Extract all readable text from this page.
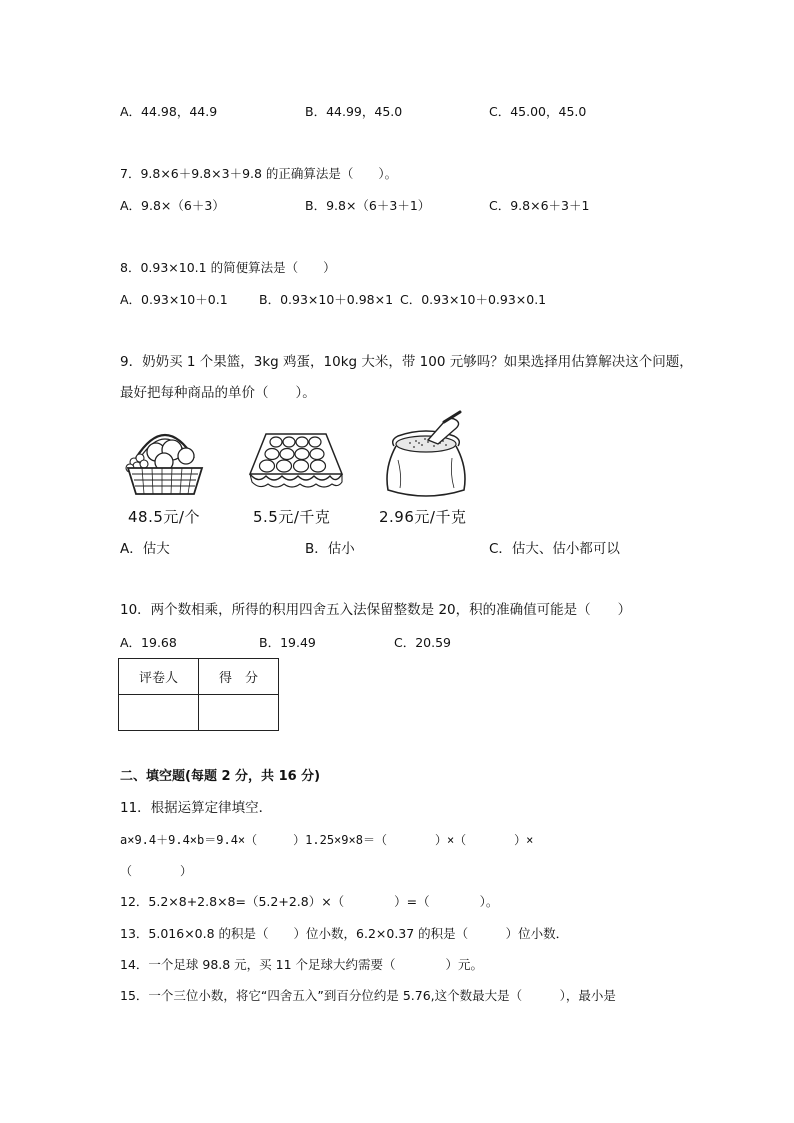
A．44.98，44.9	B．44.99，45.0	C．45.00，45.0
7．9.8×6＋9.8×3＋9.8 的正确算法是（　　）。
A．9.8×（6＋3）	B．9.8×（6＋3＋1）	C．9.8×6＋3＋1
8．0.93×10.1 的简便算法是（　　）
A．0.93×10＋0.1	B．0.93×10＋0.98×1 C．0.93×10＋0.93×0.1
9．奶奶买 1 个果篮，3kg 鸡蛋，10kg 大米，带 100 元够吗？如果选择用估算解决这个问题，
最好把每种商品的单价（　　）。
48.5元/个	5.5元/千克	2.96元/千克
A．估大	B．估小	C．估大、估小都可以
10．两个数相乘，所得的积用四舍五入法保留整数是 20，积的准确值可能是（　　）
A．19.68	B．19.49	C．20.59
评卷人	得　分

二、填空题(每题 2 分，共 16 分)
11．根据运算定律填空．
a×9.4＋9.4×b＝9.4×（　　　）1.25×9×8＝（　　　　）×（　　　　）×
（　　　　）
12．5.2×8+2.8×8=（5.2+2.8）×（　　　　）=（　　　　）。
13．5.016×0.8 的积是（　　）位小数，6.2×0.37 的积是（　　　）位小数．
14．一个足球 98.8 元，买 11 个足球大约需要（　　　　）元。
15．一个三位小数，将它“四舍五入”到百分位约是 5.76,这个数最大是（　　　），最小是
